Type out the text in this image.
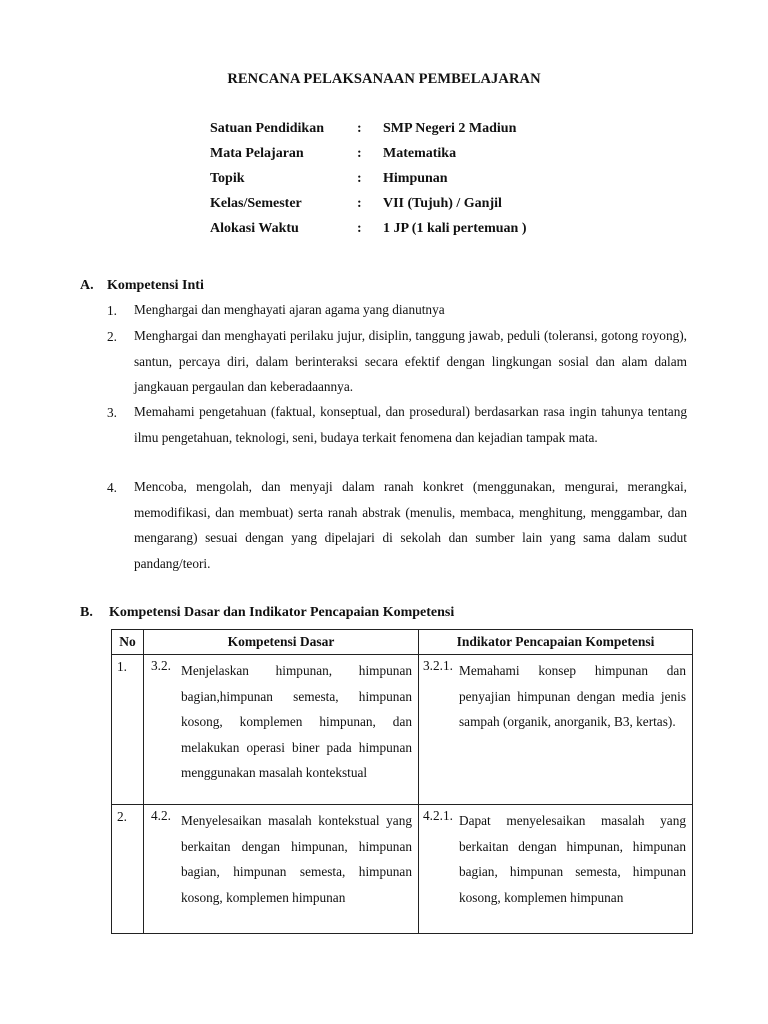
RENCANA PELAKSANAAN PEMBELAJARAN
Satuan Pendidikan : SMP Negeri 2 Madiun
Mata Pelajaran	: Matematika
Topik	: Himpunan
Kelas/Semester	: VII (Tujuh) / Ganjil
Alokasi Waktu	: 1 JP (1 kali pertemuan )
A. Kompetensi Inti
1. Menghargai dan menghayati ajaran agama yang dianutnya
2. Menghargai dan menghayati perilaku jujur, disiplin, tanggung jawab, peduli (toleransi, gotong royong), santun, percaya diri, dalam berinteraksi secara efektif dengan lingkungan sosial dan alam dalam jangkauan pergaulan dan keberadaannya.
3. Memahami pengetahuan (faktual, konseptual, dan prosedural) berdasarkan rasa ingin tahunya tentang ilmu pengetahuan, teknologi, seni, budaya terkait fenomena dan kejadian tampak mata.
4. Mencoba, mengolah, dan menyaji dalam ranah konkret (menggunakan, mengurai, merangkai, memodifikasi, dan membuat) serta ranah abstrak (menulis, membaca, menghitung, menggambar, dan mengarang) sesuai dengan yang dipelajari di sekolah dan sumber lain yang sama dalam sudut pandang/teori.
B. Kompetensi Dasar dan Indikator Pencapaian Kompetensi
No	Kompetensi Dasar	Indikator Pencapaian Kompetensi

1.	3.2. Menjelaskan himpunan, himpunan bagian,himpunan semesta, himpunan kosong, komplemen himpunan, dan melakukan operasi biner pada himpunan menggunakan masalah kontekstual	3.2.1. Memahami konsep himpunan dan penyajian himpunan dengan media jenis sampah (organik, anorganik, B3, kertas).

2.	4.2. Menyelesaikan masalah kontekstual yang berkaitan dengan himpunan, himpunan bagian, himpunan semesta, himpunan kosong, komplemen himpunan	4.2.1. Dapat menyelesaikan masalah yang berkaitan dengan himpunan, himpunan bagian, himpunan semesta, himpunan kosong, komplemen himpunan
